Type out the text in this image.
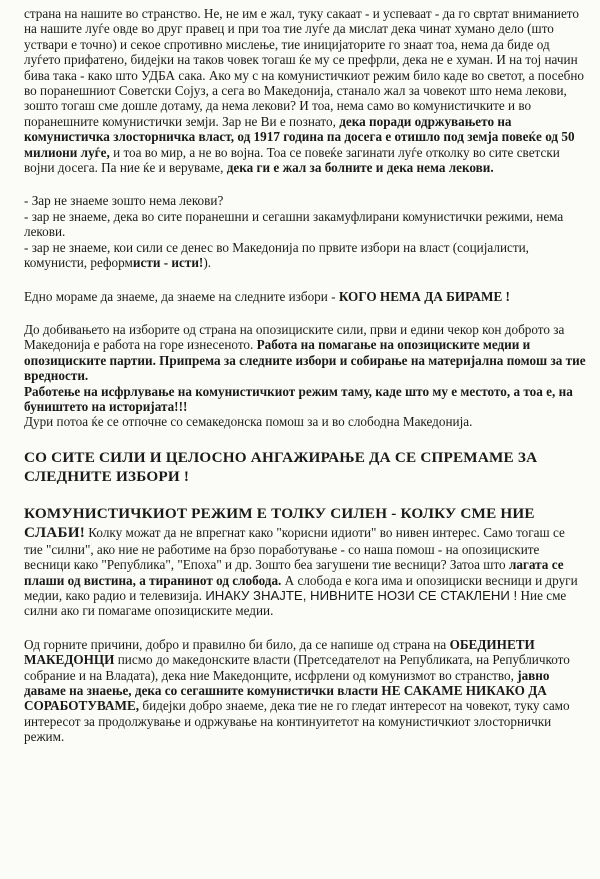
страна на нашите во странство. Не, не им е жал, туку сакаат - и успеваат - да го свртат вниманието на нашите луѓе овде во друг правец и при тоа тие луѓе да мислат дека чинат хумано дело (што уствари е точно) и секое спротивно мислење, тие иницијаторите го знаат тоа, нема да биде од луѓето прифатено, бидејки на таков човек тогаш ќе му се префрли, дека не е хуман. И на тој начин бива така - како што УДБА сака. Ако му с на комунистичкиот режим било каде во светот, а посебно во поранешниот Советски Сојуз, а сега во Македонија, станало жал за човекот што нема лекови, зошто тогаш сме дошле дотаму, да нема лекови? И тоа, нема само во комунистичките и во поранешните комунистички земји. Зар не Ви е познато, дека поради одржувањето на комунистичка злосторничка власт, од 1917 година па досега е отишло под земја повеќе од 50 милиони луѓе, и тоа во мир, а не во војна. Тоа се повеќе загинати луѓе отколку во сите светски војни досега. Па ние ќе и веруваме, дека ги е жал за болните и дека нема лекови.

- Зар не знаеме зошто нема лекови?

- зар не знаеме, дека во сите поранешни и сегашни закамуфлирани комунистички режими, нема лекови.

- зар не знаеме, кои сили се денес во Македонија по првите избори на власт (социјалисти, комунисти, реформисти - исти!).

Едно мораме да знаеме, да знаеме на следните избори - КОГО НЕМА ДА БИРАМЕ !

До добивањето на изборите од страна на опозициските сили, први и едини чекор кон доброто за Македонија е работа на горе изнесеното. Работа на помагање на опозициските медии и опозициските партии. Припрема за следните избори и собирање на материјална помош за тие вредности.

Работење на исфрлување на комунистичкиот режим таму, каде што му е местото, а тоа е, на буништето на историјата!!!

Дури потоа ќе се отпочне со семакедонска помош за и во слободна Македонија.

СО СИТЕ СИЛИ И ЦЕЛОСНО АНГАЖИРАЊЕ ДА СЕ СПРЕМАМЕ ЗА СЛЕДНИТЕ ИЗБОРИ !

КОМУНИСТИЧКИОТ РЕЖИМ Е ТОЛКУ СИЛЕН - КОЛКУ СМЕ НИЕ СЛАБИ! Колку можат да не впрегнат како "корисни идиоти" во нивен интерес. Само тогаш се тие "силни", ако ние не работиме на брзо поработување - со наша помош - на опозициските весници како "Република", "Епоха" и др. Зошто беа загушени тие весници? Затоа што лагата се плаши од вистина, а тиранинот од слобода. А слобода е кога има и опозициски весници и други медии, како радио и телевизија. ИНАКУ ЗНАЈТЕ, НИВНИТЕ НОЗИ СЕ СТАКЛЕНИ ! Ние сме силни ако ги помагаме опозициските медии.

Од горните причини, добро и правилно би било, да се напише од страна на ОБЕДИНЕТИ МАКЕДОНЦИ писмо до македонските власти (Претседателот на Републиката, на Републичкото собрание и на Владата), дека ние Македонците, исфрлени од комунизмот во странство, јавно даваме на знаење, дека со сегашните комунистички власти НЕ САКАМЕ НИКАКО ДА СОРАБОТУВАМЕ, бидејки добро знаеме, дека тие не го гледат интересот на човекот, туку само интересот за продолжување и одржување на континуитетот на комунистичкиот злосторнички режим.
